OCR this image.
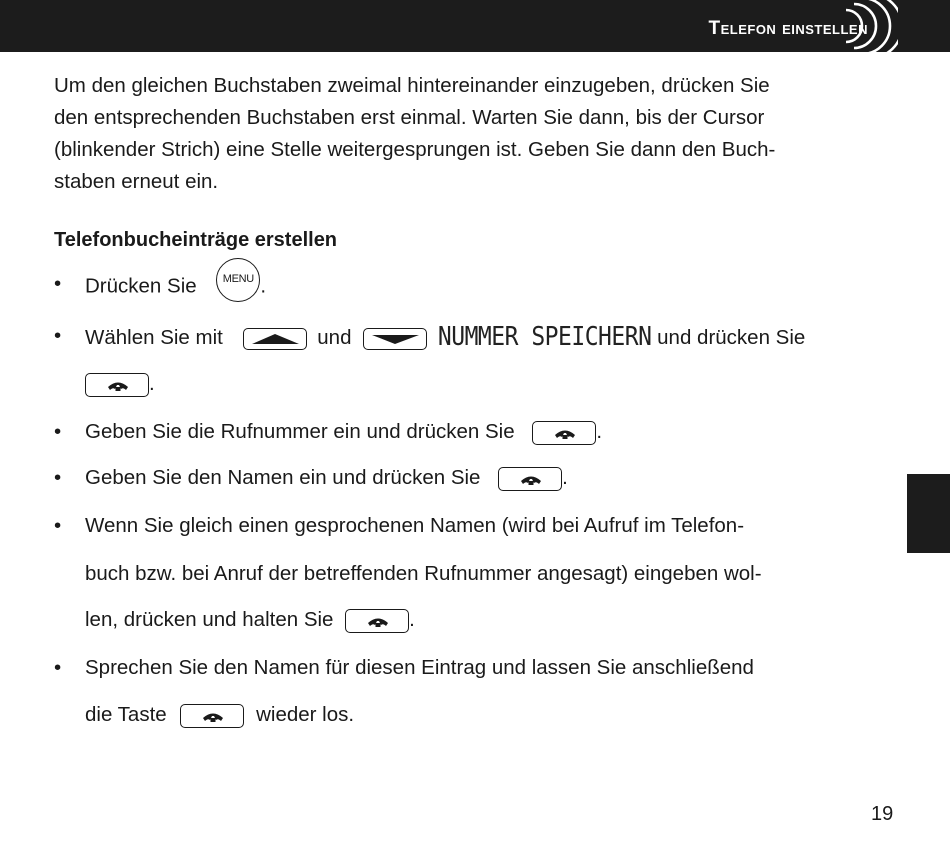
Telefon einstellen

Um den gleichen Buchstaben zweimal hintereinander einzugeben, drücken Sie
den entsprechenden Buchstaben erst einmal. Warten Sie dann, bis der Cursor
(blinkender Strich) eine Stelle weitergesprungen ist. Geben Sie dann den Buch-
staben erneut ein.

Telefonbucheinträge erstellen
• Drücken Sie MENU .
• Wählen Sie mit	und	NUMMER SPEICHERN und drücken Sie
.
• Geben Sie die Rufnummer ein und drücken Sie	.
• Geben Sie den Namen ein und drücken Sie	.
• Wenn Sie gleich einen gesprochenen Namen (wird bei Aufruf im Telefon-
buch bzw. bei Anruf der betreffenden Rufnummer angesagt) eingeben wol-
len, drücken und halten Sie	.
• Sprechen Sie den Namen für diesen Eintrag und lassen Sie anschließend
die Taste	wieder los.
19
